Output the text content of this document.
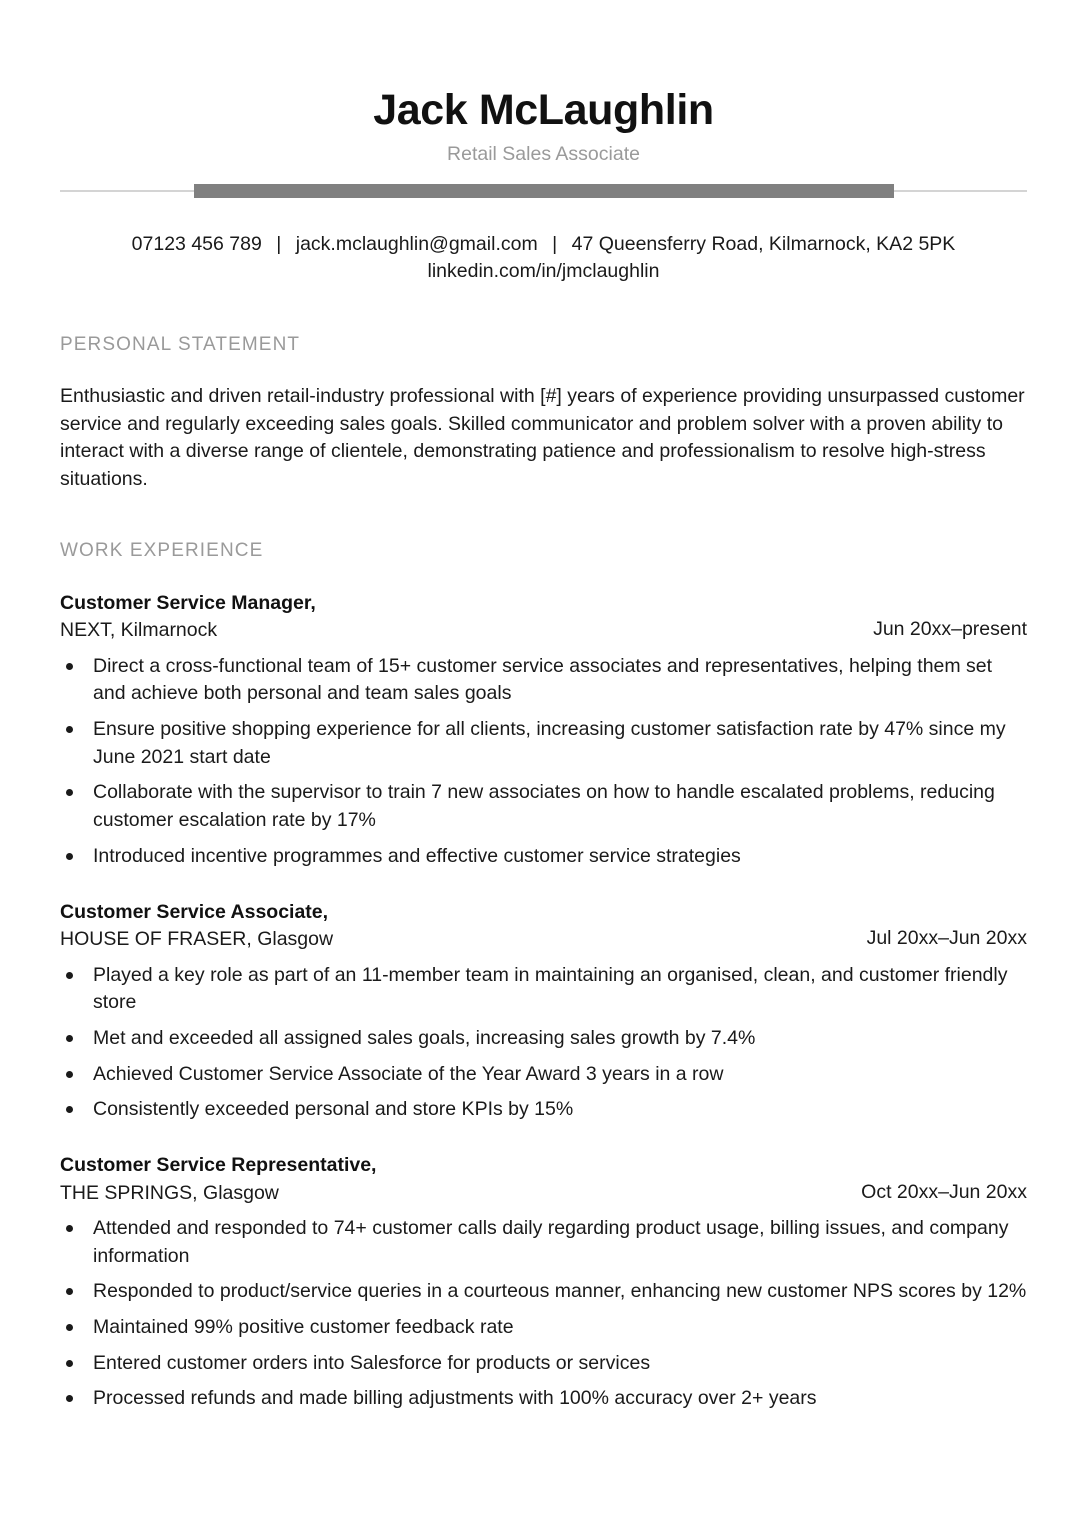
Jack McLaughlin
Retail Sales Associate
07123 456 789 | jack.mclaughlin@gmail.com | 47 Queensferry Road, Kilmarnock, KA2 5PK
linkedin.com/in/jmclaughlin
PERSONAL STATEMENT

Enthusiastic and driven retail-industry professional with [#] years of experience providing unsurpassed customer service and regularly exceeding sales goals. Skilled communicator and problem solver with a proven ability to interact with a diverse range of clientele, demonstrating patience and professionalism to resolve high-stress situations.

WORK EXPERIENCE
Customer Service Manager,
NEXT, Kilmarnock	Jun 20xx–present
Direct a cross-functional team of 15+ customer service associates and representatives, helping them set and achieve both personal and team sales goals
Ensure positive shopping experience for all clients, increasing customer satisfaction rate by 47% since my June 2021 start date
Collaborate with the supervisor to train 7 new associates on how to handle escalated problems, reducing customer escalation rate by 17%
Introduced incentive programmes and effective customer service strategies
Customer Service Associate,
HOUSE OF FRASER, Glasgow	Jul 20xx–Jun 20xx
Played a key role as part of an 11-member team in maintaining an organised, clean, and customer friendly store
Met and exceeded all assigned sales goals, increasing sales growth by 7.4%
Achieved Customer Service Associate of the Year Award 3 years in a row
Consistently exceeded personal and store KPIs by 15%
Customer Service Representative,
THE SPRINGS, Glasgow	Oct 20xx–Jun 20xx
Attended and responded to 74+ customer calls daily regarding product usage, billing issues, and company information
Responded to product/service queries in a courteous manner, enhancing new customer NPS scores by 12%
Maintained 99% positive customer feedback rate
Entered customer orders into Salesforce for products or services
Processed refunds and made billing adjustments with 100% accuracy over 2+ years
